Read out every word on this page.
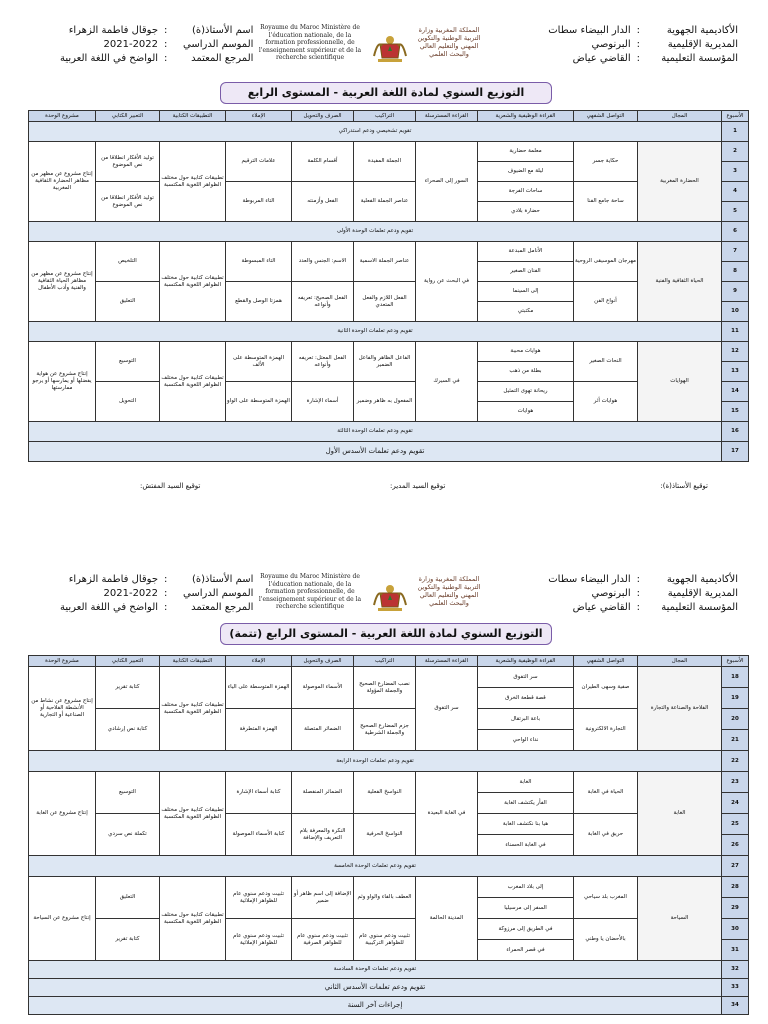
الأكاديمية الجهوية
:
الدار البيضاء سطات
المديرية الإقليمية
:
البرنوصي
المؤسسة التعليمية
:
القاضي عياض
المملكة المغربية وزارة التربية الوطنية والتكوين المهني والتعليم العالي والبحث العلمي
Royaume du Maroc Ministère de l'éducation nationale, de la formation professionnelle, de l'enseignement supérieur et de la recherche scientifique
اسم الأستاذ(ة)
:
جوقال فاطمة الزهراء
الموسم الدراسي
:
2021-2022
المرجع المعتمد
:
الواضح في اللغة العربية
التوزيع السنوي لمادة اللغة العربية - المستوى الرابع
الأسبوع	المجال	التواصل الشفهي	القراءة الوظيفية والشعرية	القراءة المسترسلة	التراكيب	الصرف والتحويل	الإملاء	التطبيقات الكتابية	التعبير الكتابي	مشروع الوحدة
1	تقويم تشخيصي ودعم استدراكي									
2	الحضارة المغربية	حكاية جسر	معلمة حضارية	السور إلى الصحراء	الجملة المفيدة	أقسام الكلمة	علامات الترقيم	تطبيقات كتابية حول مختلف الظواهر اللغوية المكتسبة	توليد الأفكار انطلاقا من نص الموضوع	إنتاج مشروع عن مظهر من مظاهر الحضارة الثقافية المغربية
3			ليلة مع الضيوف							
4		ساحة جامع الفنا	ساحات الفرجة		عناصر الجملة الفعلية	الفعل وأزمنته	التاء المربوطة		توليد الأفكار انطلاقا من نص الموضوع	
5			حضارة بلادي							
6	تقويم ودعم تعلمات الوحدة الأولى									
7	الحياة الثقافية والفنية	مهرجان الموسيقى الروحية	الأنامل المبدعة	في البحث عن رواية	عناصر الجملة الاسمية	الاسم: الجنس والعدد	التاء المبسوطة	تطبيقات كتابية حول مختلف الظواهر اللغوية المكتسبة	التلخيص	إنتاج مشروع عن مظهر من مظاهر الحياة الثقافية والفنية وأدب الأطفال
8			الفنان الصغير							
9		أنواع الفن	إلى السينما		الفعل اللازم والفعل المتعدي	الفعل الصحيح: تعريفه وأنواعه	همزتا الوصل والقطع		التعليق	
10			مكتبتي							
11	تقويم ودعم تعلمات الوحدة الثانية									
12	الهوايات	النحات الصغير	هوايات محببة	في السيرك	الفاعل الظاهر والفاعل الضمير	الفعل المعتل: تعريفه وأنواعه	الهمزة المتوسطة على الألف	تطبيقات كتابية حول مختلف الظواهر اللغوية المكتسبة	التوسيع	إنتاج مشروع عن هواية يفضلها أو يمارسها أو يرجو ممارستها
13			بطلة من ذهب							
14		هوايات أثر	ريحانة تهوى التمثيل		المفعول به ظاهر وضمير	أسماء الإشارة	الهمزة المتوسطة على الواو		التحويل	
15			هوايات							
16	تقويم ودعم تعلمات الوحدة الثالثة									
17	تقويم ودعم تعلمات الأسدس الأول									
توقيع الأستاذ(ة):
توقيع السيد المدير:
توقيع السيد المفتش:
الأكاديمية الجهوية
:
الدار البيضاء سطات
المديرية الإقليمية
:
البرنوصي
المؤسسة التعليمية
:
القاضي عياض
المملكة المغربية وزارة التربية الوطنية والتكوين المهني والتعليم العالي والبحث العلمي
Royaume du Maroc Ministère de l'éducation nationale, de la formation professionnelle, de l'enseignement supérieur et de la recherche scientifique
اسم الأستاذ(ة)
:
جوقال فاطمة الزهراء
الموسم الدراسي
:
2021-2022
المرجع المعتمد
:
الواضح في اللغة العربية
التوزيع السنوي لمادة اللغة العربية - المستوى الرابع (تتمة)
الأسبوع	المجال	التواصل الشفهي	القراءة الوظيفية والشعرية	القراءة المسترسلة	التراكيب	الصرف والتحويل	الإملاء	التطبيقات الكتابية	التعبير الكتابي	مشروع الوحدة
18	الفلاحة والصناعة والتجارة	صفية وسهى الطيران	سر التفوق	سر التفوق	نصب المضارع الصحيح والجملة المؤولة	الأسماء الموصولة	الهمزة المتوسطة على الياء	تطبيقات كتابية حول مختلف الظواهر اللغوية المكتسبة	كتابة تقرير	إنتاج مشروع عن نشاط من الأنشطة الفلاحية أو الصناعية أو التجارية
19			قصة قطعة الخرق							
20		التجارة الالكترونية	باعة البرتقال		جزم المضارع الصحيح والجملة الشرطية	الضمائر المتصلة	الهمزة المتطرفة		كتابة نص إرشادي	
21			نداء الواحي							
22	تقويم ودعم تعلمات الوحدة الرابعة									
23	الغابة	الحياة في الغابة	الغابة	في الغابة البعيدة	النواسخ الفعلية	الضمائر المنفصلة	كتابة أسماء الإشارة	تطبيقات كتابية حول مختلف الظواهر اللغوية المكتسبة	التوسيع	إنتاج مشروع عن الغابة
24			الفأر يكتشف الغابة							
25		حريق في الغابة	هيا بنا نكتشف الغابة		النواسخ الحرفية	النكرة والمعرفة بلام التعريف والإضافة	كتابة الأسماء الموصولة		تكملة نص سردي	
26			في الغابة الحسناء							
27	تقويم ودعم تعلمات الوحدة الخامسة									
28	السياحة	المغرب بلد سياحي	إلى بلاد المغرب	المدينة الحالمة	العطف بالفاء والواو وثم	الإضافة إلى اسم ظاهر أو ضمير	تثبيت ودعم سنوي عام للظواهر الإملائية	تطبيقات كتابية حول مختلف الظواهر اللغوية المكتسبة	التعليق	إنتاج مشروع عن السياحة
29			السفر إلى مرسيليا							
30		بالأحضان يا وطني	في الطريق إلى مرزوكة		تثبيت ودعم سنوي عام للظواهر التركيبية	تثبيت ودعم سنوي عام للظواهر الصرفية	تثبيت ودعم سنوي عام للظواهر الإملائية		كتابة تقرير	
31			في قصر الحمراء							
32	تقويم ودعم تعلمات الوحدة السادسة									
33	تقويم ودعم تعلمات الأسدس الثاني									
34	إجراءات آخر السنة									
